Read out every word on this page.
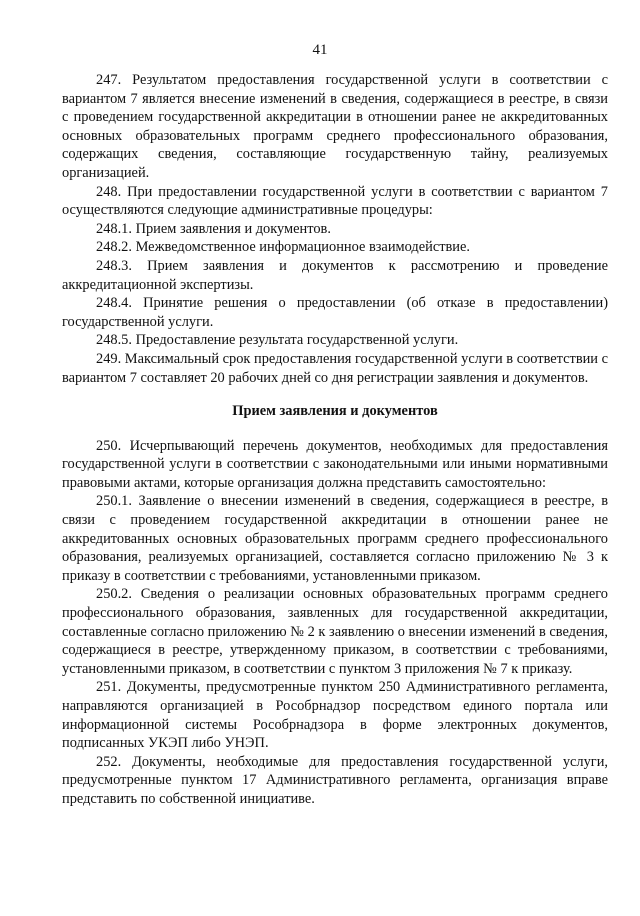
41

247. Результатом предоставления государственной услуги в соответствии с вариантом 7 является внесение изменений в сведения, содержащиеся в реестре, в связи с проведением государственной аккредитации в отношении ранее не аккредитованных основных образовательных программ среднего профессионального образования, содержащих сведения, составляющие государственную тайну, реализуемых организацией.

248. При предоставлении государственной услуги в соответствии с вариантом 7 осуществляются следующие административные процедуры:

248.1. Прием заявления и документов.

248.2. Межведомственное информационное взаимодействие.

248.3. Прием заявления и документов к рассмотрению и проведение аккредитационной экспертизы.

248.4. Принятие решения о предоставлении (об отказе в предоставлении) государственной услуги.

248.5. Предоставление результата государственной услуги.

249. Максимальный срок предоставления государственной услуги в соответствии с вариантом 7 составляет 20 рабочих дней со дня регистрации заявления и документов.

Прием заявления и документов

250. Исчерпывающий перечень документов, необходимых для предоставления государственной услуги в соответствии с законодательными или иными нормативными правовыми актами, которые организация должна представить самостоятельно:

250.1. Заявление о внесении изменений в сведения, содержащиеся в реестре, в связи с проведением государственной аккредитации в отношении ранее не аккредитованных основных образовательных программ среднего профессионального образования, реализуемых организацией, составляется согласно приложению № 3 к приказу в соответствии с требованиями, установленными приказом.

250.2. Сведения о реализации основных образовательных программ среднего профессионального образования, заявленных для государственной аккредитации, составленные согласно приложению № 2 к заявлению о внесении изменений в сведения, содержащиеся в реестре, утвержденному приказом, в соответствии с требованиями, установленными приказом, в соответствии с пунктом 3 приложения № 7 к приказу.

251. Документы, предусмотренные пунктом 250 Административного регламента, направляются организацией в Рособрнадзор посредством единого портала или информационной системы Рособрнадзора в форме электронных документов, подписанных УКЭП либо УНЭП.

252. Документы, необходимые для предоставления государственной услуги, предусмотренные пунктом 17 Административного регламента, организация вправе представить по собственной инициативе.
